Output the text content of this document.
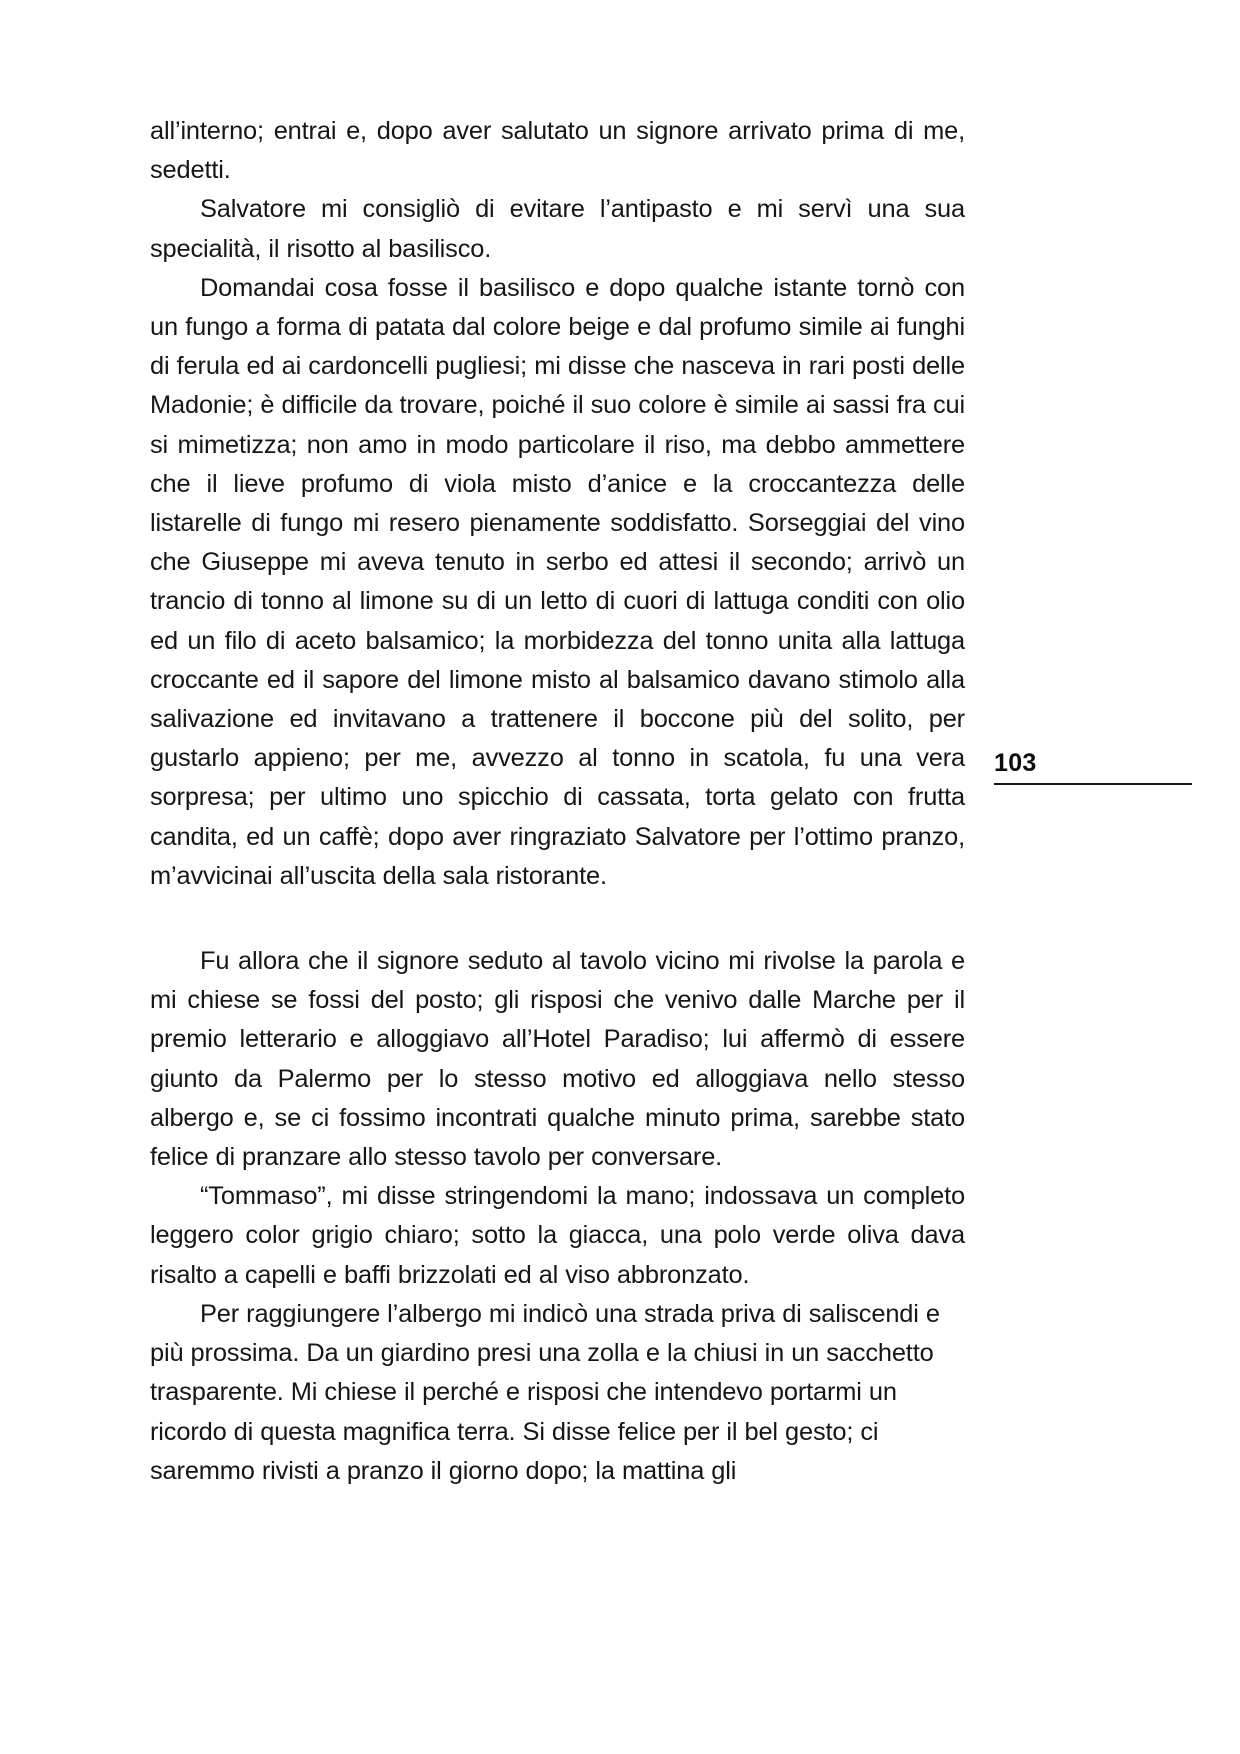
all’interno; entrai e, dopo aver salutato un signore arrivato prima di me, sedetti.

Salvatore mi consigliò di evitare l’antipasto e mi servì una sua specialità, il risotto al basilisco.

Domandai cosa fosse il basilisco e dopo qualche istante tornò con un fungo a forma di patata dal colore beige e dal profumo simile ai funghi di ferula ed ai cardoncelli pugliesi; mi disse che nasceva in rari posti delle Madonie; è difficile da trovare, poiché il suo colore è simile ai sassi fra cui si mimetizza; non amo in modo particolare il riso, ma debbo ammettere che il lieve profumo di viola misto d’anice e la croccantezza delle listarelle di fungo mi resero pienamente soddisfatto. Sorseggiai del vino che Giuseppe mi aveva tenuto in serbo ed attesi il secondo; arrivò un trancio di tonno al limone su di un letto di cuori di lattuga conditi con olio ed un filo di aceto balsamico; la morbidezza del tonno unita alla lattuga croccante ed il sapore del limone misto al balsamico davano stimolo alla salivazione ed invitavano a trattenere il boccone più del solito, per gustarlo appieno; per me, avvezzo al tonno in scatola, fu una vera sorpresa; per ultimo uno spicchio di cassata, torta gelato con frutta candita, ed un caffè; dopo aver ringraziato Salvatore per l’ottimo pranzo, m’avvicinai all’uscita della sala ristorante.

Fu allora che il signore seduto al tavolo vicino mi rivolse la parola e mi chiese se fossi del posto; gli risposi che venivo dalle Marche per il premio letterario e alloggiavo all’Hotel Paradiso; lui affermò di essere giunto da Palermo per lo stesso motivo ed alloggiava nello stesso albergo e, se ci fossimo incontrati qualche minuto prima, sarebbe stato felice di pranzare allo stesso tavolo per conversare.

“Tommaso”, mi disse stringendomi la mano; indossava un completo leggero color grigio chiaro; sotto la giacca, una polo verde oliva dava risalto a capelli e baffi brizzolati ed al viso abbronzato.

Per raggiungere l’albergo mi indicò una strada priva di saliscendi e più prossima. Da un giardino presi una zolla e la chiusi in un sacchetto trasparente. Mi chiese il perché e risposi che intendevo portarmi un ricordo di questa magnifica terra. Si disse felice per il bel gesto; ci saremmo rivisti a pranzo il giorno dopo; la mattina gli

103
